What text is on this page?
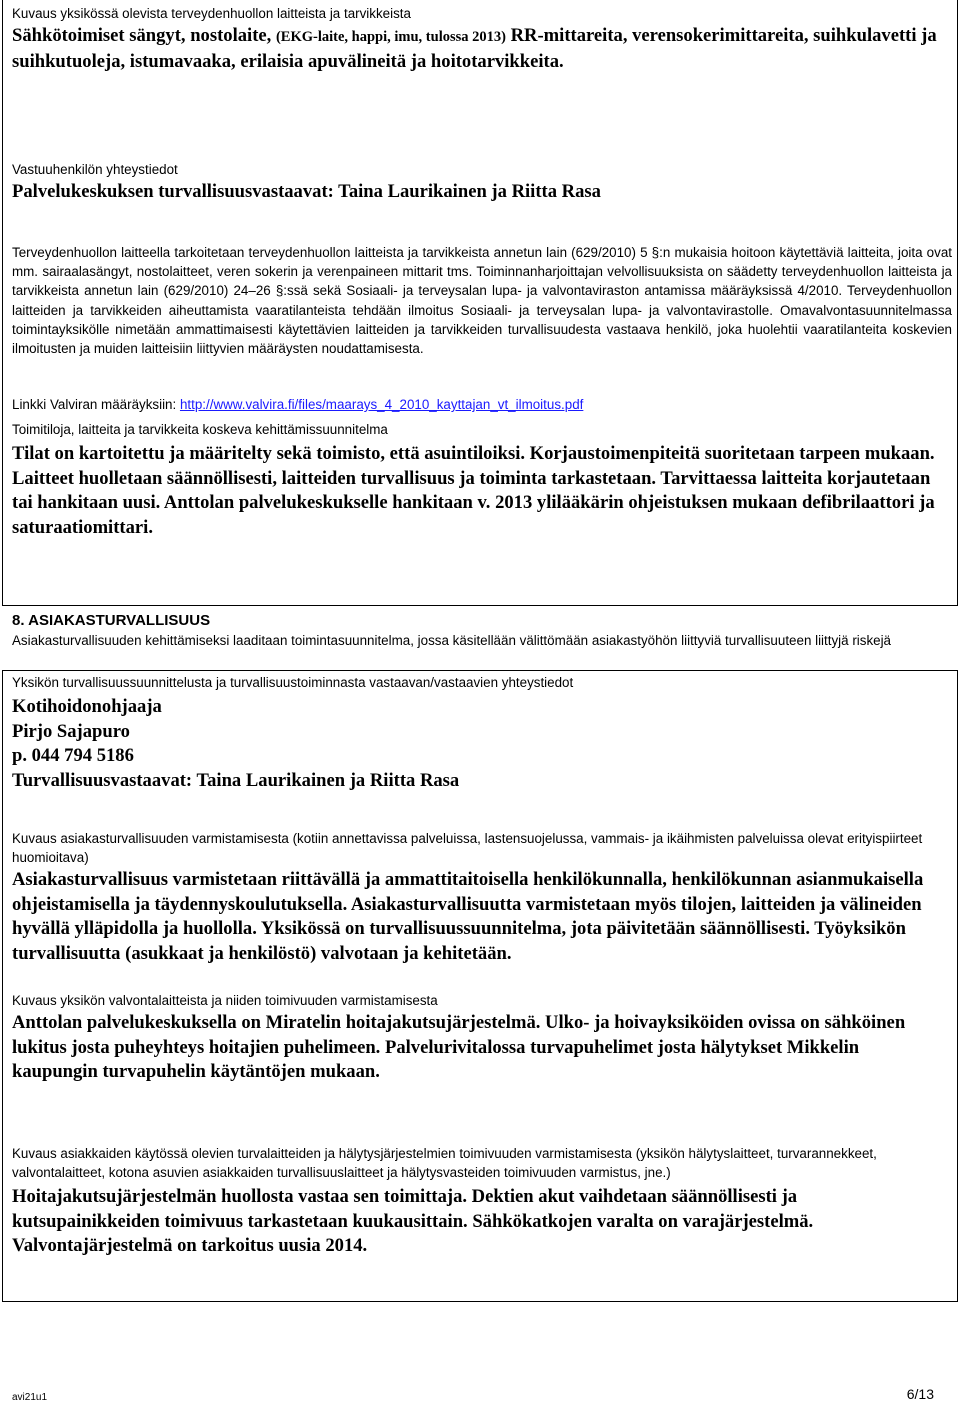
Kuvaus yksikössä olevista terveydenhuollon laitteista ja tarvikkeista

Sähkötoimiset sängyt, nostolaite, (EKG-laite, happi, imu, tulossa 2013) RR-mittareita, verensokerimittareita, suihkulavetti ja suihkutuoleja, istumavaaka, erilaisia apuvälineitä ja hoitotarvikkeita.

Vastuuhenkilön yhteystiedot

Palvelukeskuksen turvallisuusvastaavat: Taina Laurikainen ja Riitta Rasa

Terveydenhuollon laitteella tarkoitetaan terveydenhuollon laitteista ja tarvikkeista annetun lain (629/2010) 5 §:n mukaisia hoitoon käytettäviä laitteita, joita ovat mm. sairaalasängyt, nostolaitteet, veren sokerin ja verenpaineen mittarit tms. Toiminnanharjoittajan velvollisuuksista on säädetty terveydenhuollon laitteista ja tarvikkeista annetun lain (629/2010) 24–26 §:ssä sekä Sosiaali- ja terveysalan lupa- ja valvontaviraston antamissa määräyksissä 4/2010. Terveydenhuollon laitteiden ja tarvikkeiden aiheuttamista vaaratilanteista tehdään ilmoitus Sosiaali- ja terveysalan lupa- ja valvontavirastolle. Omavalvontasuunnitelmassa toimintayksikölle nimetään ammattimaisesti käytettävien laitteiden ja tarvikkeiden turvallisuudesta vastaava henkilö, joka huolehtii vaaratilanteita koskevien ilmoitusten ja muiden laitteisiin liittyvien määräysten noudattamisesta.

Linkki Valviran määräyksiin: http://www.valvira.fi/files/maarays_4_2010_kayttajan_vt_ilmoitus.pdf

Toimitiloja, laitteita ja tarvikkeita koskeva kehittämissuunnitelma

Tilat on kartoitettu ja määritelty sekä toimisto, että asuintiloiksi. Korjaustoimenpiteitä suoritetaan tarpeen mukaan. Laitteet huolletaan säännöllisesti, laitteiden turvallisuus ja toiminta tarkastetaan. Tarvittaessa laitteita korjautetaan tai hankitaan uusi. Anttolan palvelukeskukselle hankitaan v. 2013 ylilääkärin ohjeistuksen mukaan defibrilaattori ja saturaatiomittari.

8. ASIAKASTURVALLISUUS

Asiakasturvallisuuden kehittämiseksi laaditaan toimintasuunnitelma, jossa käsitellään välittömään asiakastyöhön liittyviä turvallisuuteen liittyjä riskejä

Yksikön turvallisuussuunnittelusta ja turvallisuustoiminnasta vastaavan/vastaavien yhteystiedot

Kotihoidonohjaaja

Pirjo Sajapuro

p. 044 794 5186

Turvallisuusvastaavat: Taina Laurikainen ja Riitta Rasa

Kuvaus asiakasturvallisuuden varmistamisesta (kotiin annettavissa palveluissa, lastensuojelussa, vammais- ja ikäihmisten palveluissa olevat erityispiirteet huomioitava)

Asiakasturvallisuus varmistetaan riittävällä ja ammattitaitoisella henkilökunnalla, henkilökunnan asianmukaisella ohjeistamisella ja täydennyskoulutuksella. Asiakasturvallisuutta varmistetaan myös tilojen, laitteiden ja välineiden hyvällä ylläpidolla ja huollolla. Yksikössä on turvallisuussuunnitelma, jota päivitetään säännöllisesti. Työyksikön turvallisuutta (asukkaat ja henkilöstö) valvotaan ja kehitetään.

Kuvaus yksikön valvontalaitteista ja niiden toimivuuden varmistamisesta

Anttolan palvelukeskuksella on Miratelin hoitajakutsujärjestelmä. Ulko- ja hoivayksiköiden ovissa on sähköinen lukitus josta puheyhteys hoitajien puhelimeen. Palvelurivitalossa turvapuhelimet josta hälytykset Mikkelin kaupungin turvapuhelin käytäntöjen mukaan.

Kuvaus asiakkaiden käytössä olevien turvalaitteiden ja hälytysjärjestelmien toimivuuden varmistamisesta (yksikön hälytyslaitteet, turvarannekkeet, valvontalaitteet, kotona asuvien asiakkaiden turvallisuuslaitteet ja hälytysvasteiden toimivuuden varmistus, jne.)

Hoitajakutsujärjestelmän huollosta vastaa sen toimittaja. Dektien akut vaihdetaan säännöllisesti ja kutsupainikkeiden toimivuus tarkastetaan kuukausittain. Sähkökatkojen varalta on varajärjestelmä. Valvontajärjestelmä on tarkoitus uusia 2014.

avi21u1	6/13
